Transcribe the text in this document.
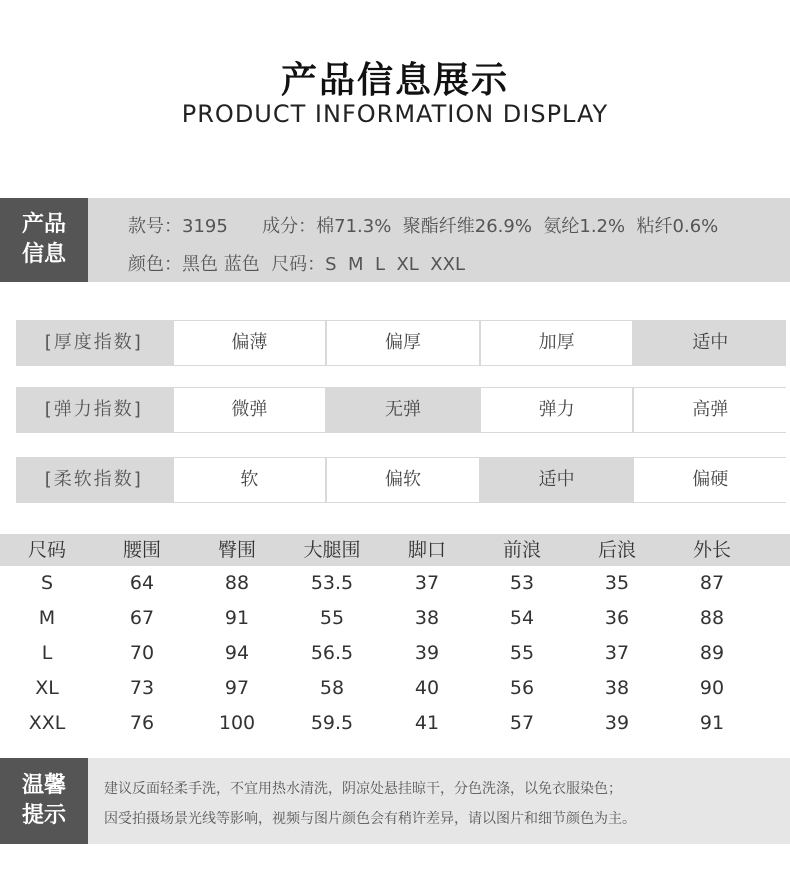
产品信息展示
PRODUCT INFORMATION DISPLAY
产品
信息
款号：3195      成分：棉71.3%  聚酯纤维26.9%  氨纶1.2%  粘纤0.6%
颜色：黑色 蓝色  尺码：S  M  L  XL  XXL
[厚度指数]	偏薄	偏厚	加厚	适中
[弹力指数]	微弹	无弹	弹力	高弹
[柔软指数]	软	偏软	适中	偏硬
尺码	腰围	臀围	大腿围	脚口	前浪	后浪	外长
S	64	88	53.5	37	53	35	87
M	67	91	55	38	54	36	88
L	70	94	56.5	39	55	37	89
XL	73	97	58	40	56	38	90
XXL	76	100	59.5	41	57	39	91
温馨
提示
建议反面轻柔手洗，不宜用热水清洗，阴凉处悬挂晾干，分色洗涤，以免衣服染色；
因受拍摄场景光线等影响，视频与图片颜色会有稍许差异，请以图片和细节颜色为主。
